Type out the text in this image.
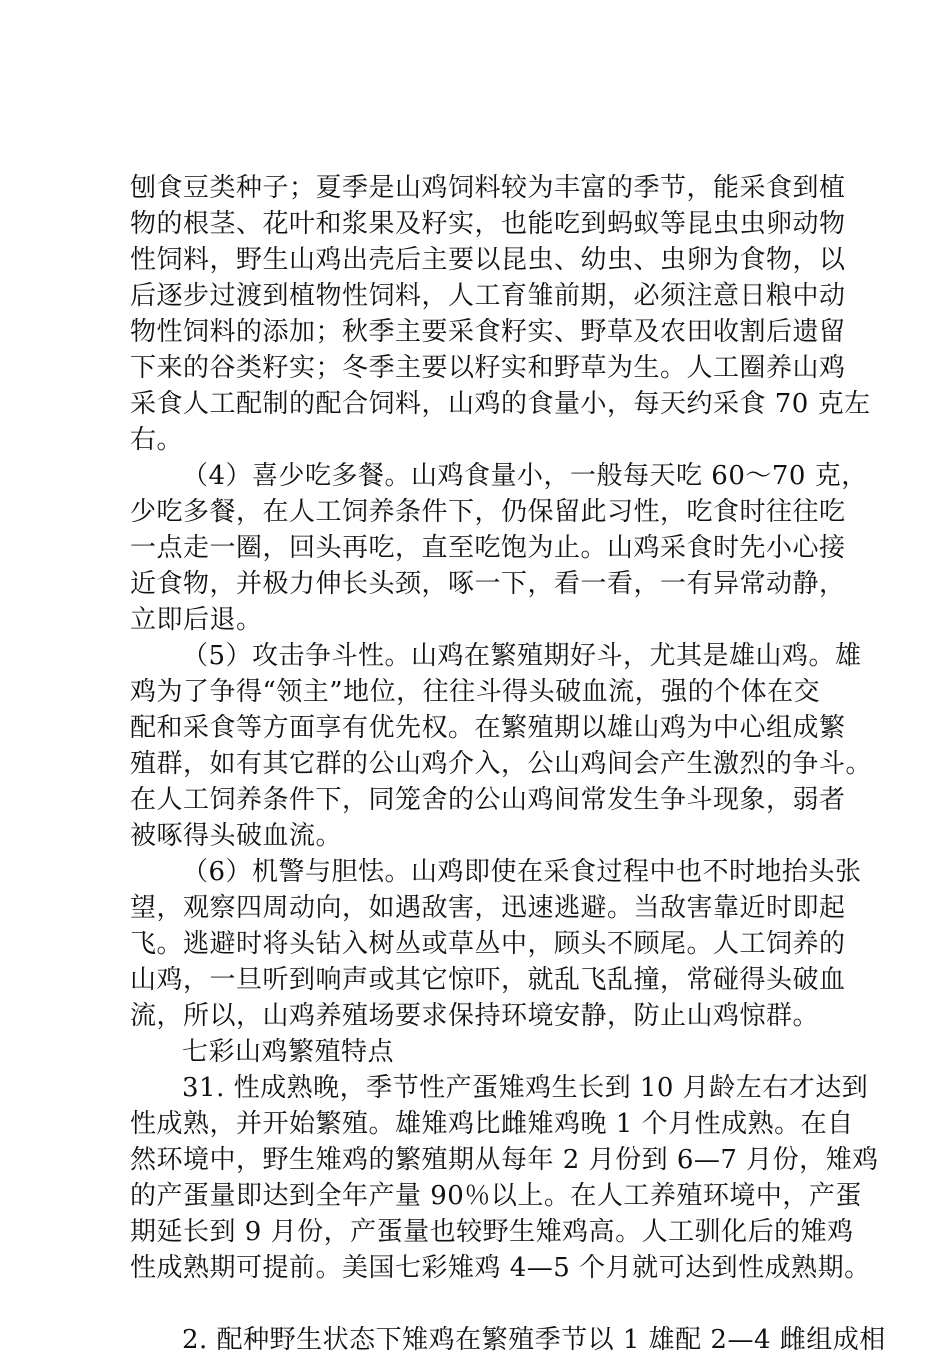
刨食豆类种子；夏季是山鸡饲料较为丰富的季节，能采食到植
物的根茎、花叶和浆果及籽实，也能吃到蚂蚁等昆虫虫卵动物
性饲料，野生山鸡出壳后主要以昆虫、幼虫、虫卵为食物，以
后逐步过渡到植物性饲料，人工育雏前期，必须注意日粮中动
物性饲料的添加；秋季主要采食籽实、野草及农田收割后遗留
下来的谷类籽实；冬季主要以籽实和野草为生。人工圈养山鸡
采食人工配制的配合饲料，山鸡的食量小，每天约采食 70 克左
右。
（4）喜少吃多餐。山鸡食量小，一般每天吃 60～70 克，
少吃多餐，在人工饲养条件下，仍保留此习性，吃食时往往吃
一点走一圈，回头再吃，直至吃饱为止。山鸡采食时先小心接
近食物，并极力伸长头颈，啄一下，看一看，一有异常动静，
立即后退。
（5）攻击争斗性。山鸡在繁殖期好斗，尤其是雄山鸡。雄
鸡为了争得“领主”地位，往往斗得头破血流，强的个体在交
配和采食等方面享有优先权。在繁殖期以雄山鸡为中心组成繁
殖群，如有其它群的公山鸡介入，公山鸡间会产生激烈的争斗。
在人工饲养条件下，同笼舍的公山鸡间常发生争斗现象，弱者
被啄得头破血流。
（6）机警与胆怯。山鸡即使在采食过程中也不时地抬头张
望，观察四周动向，如遇敌害，迅速逃避。当敌害靠近时即起
飞。逃避时将头钻入树丛或草丛中，顾头不顾尾。人工饲养的
山鸡，一旦听到响声或其它惊吓，就乱飞乱撞，常碰得头破血
流，所以，山鸡养殖场要求保持环境安静，防止山鸡惊群。
七彩山鸡繁殖特点
31. 性成熟晚，季节性产蛋雉鸡生长到 10 月龄左右才达到
性成熟，并开始繁殖。雄雉鸡比雌雉鸡晚 1 个月性成熟。在自
然环境中，野生雉鸡的繁殖期从每年 2 月份到 6—7 月份，雉鸡
的产蛋量即达到全年产量 90％以上。在人工养殖环境中，产蛋
期延长到 9 月份，产蛋量也较野生雉鸡高。人工驯化后的雉鸡
性成熟期可提前。美国七彩雉鸡 4—5 个月就可达到性成熟期。
2. 配种野生状态下雉鸡在繁殖季节以 1 雄配 2—4 雌组成相
